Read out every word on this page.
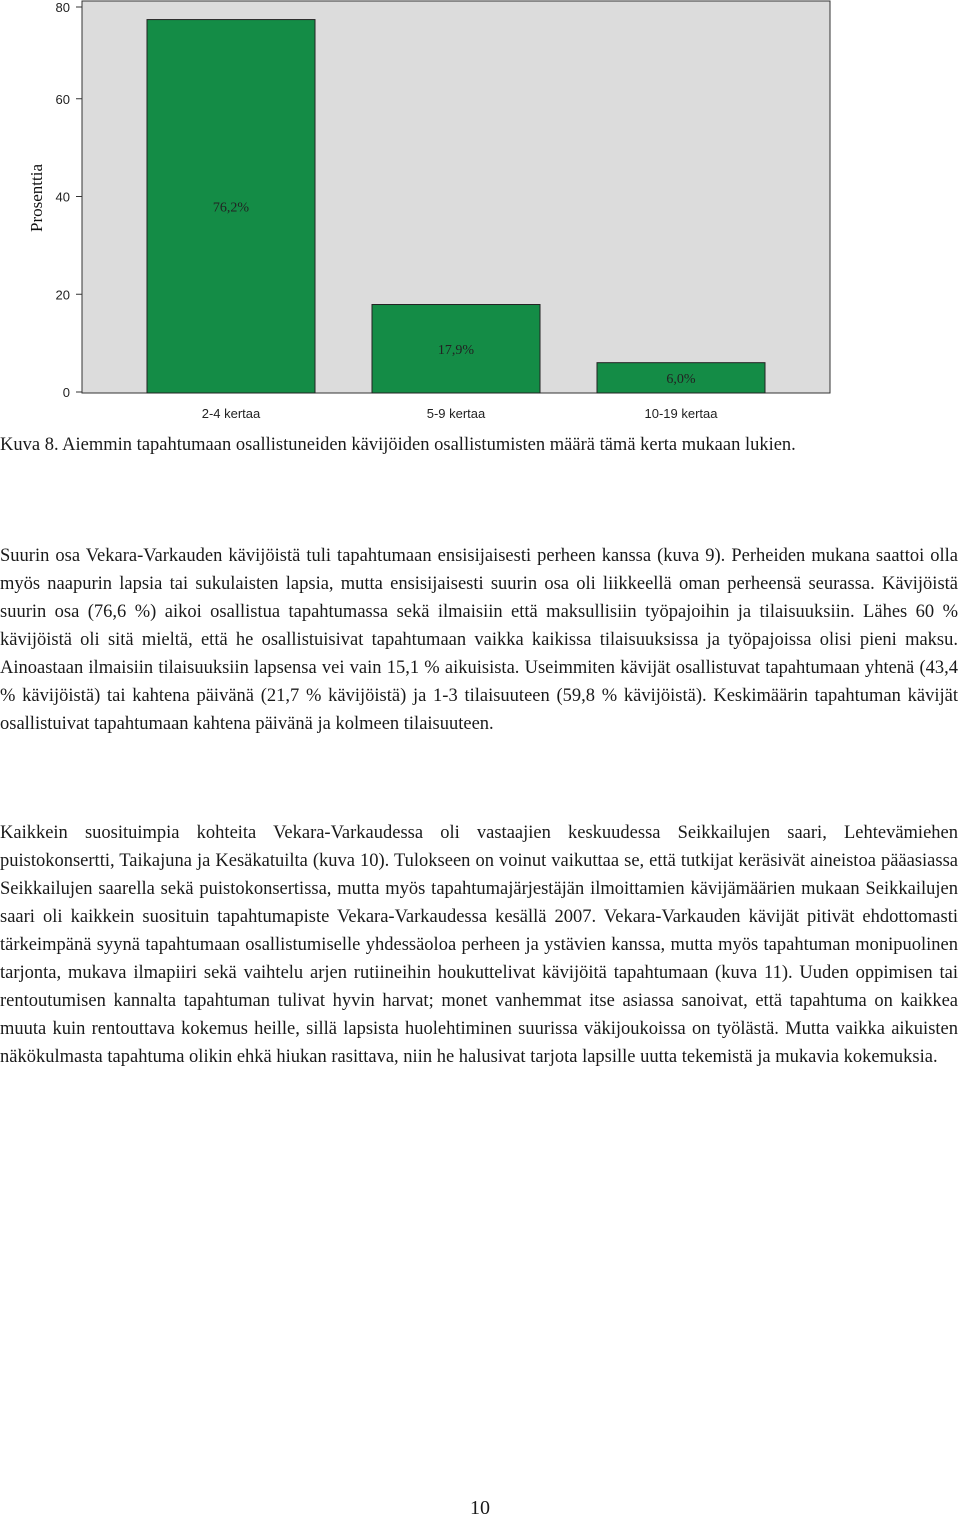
0
20
40
60
80
76,2%
17,9%
6,0%
2-4 kertaa	5-9 kertaa	10-19 kertaa
Prosenttia
Kuva 8. Aiemmin tapahtumaan osallistuneiden kävijöiden osallistumisten määrä tämä kerta mukaan lukien.
Suurin osa Vekara-Varkauden kävijöistä tuli tapahtumaan ensisijaisesti perheen kanssa (kuva 9). Perheiden mukana saattoi olla myös naapurin lapsia tai sukulaisten lapsia, mutta ensisijaisesti suurin osa oli liikkeellä oman perheensä seurassa. Kävijöistä suurin osa (76,6 %) aikoi osallistua tapahtumassa sekä ilmaisiin että maksullisiin työpajoihin ja tilaisuuksiin. Lähes 60 % kävijöistä oli sitä mieltä, että he osallistuisivat tapahtumaan vaikka kaikissa tilaisuuksissa ja työpajoissa olisi pieni maksu. Ainoastaan ilmaisiin tilaisuuksiin lapsensa vei vain 15,1 % aikuisista. Useimmiten kävijät osallistuvat tapahtumaan yhtenä (43,4 % kävijöistä) tai kahtena päivänä (21,7 % kävijöistä) ja 1-3 tilaisuuteen (59,8 % kävijöistä). Keskimäärin tapahtuman kävijät osallistuivat tapahtumaan kahtena päivänä ja kolmeen tilaisuuteen.
Kaikkein suosituimpia kohteita Vekara-Varkaudessa oli vastaajien keskuudessa Seikkailujen saari, Lehtevämiehen puistokonsertti, Taikajuna ja Kesäkatuilta (kuva 10). Tulokseen on voinut vaikuttaa se, että tutkijat keräsivät aineistoa pääasiassa Seikkailujen saarella sekä puistokonsertissa, mutta myös tapahtumajärjestäjän ilmoittamien kävijämäärien mukaan Seikkailujen saari oli kaikkein suosituin tapahtumapiste Vekara-Varkaudessa kesällä 2007. Vekara-Varkauden kävijät pitivät ehdottomasti tärkeimpänä syynä tapahtumaan osallistumiselle yhdessäoloa perheen ja ystävien kanssa, mutta myös tapahtuman monipuolinen tarjonta, mukava ilmapiiri sekä vaihtelu arjen rutiineihin houkuttelivat kävijöitä tapahtumaan (kuva 11). Uuden oppimisen tai rentoutumisen kannalta tapahtuman tulivat hyvin harvat; monet vanhemmat itse asiassa sanoivat, että tapahtuma on kaikkea muuta kuin rentouttava kokemus heille, sillä lapsista huolehtiminen suurissa väkijoukoissa on työlästä. Mutta vaikka aikuisten näkökulmasta tapahtuma olikin ehkä hiukan rasittava, niin he halusivat tarjota lapsille uutta tekemistä ja mukavia kokemuksia.
10
